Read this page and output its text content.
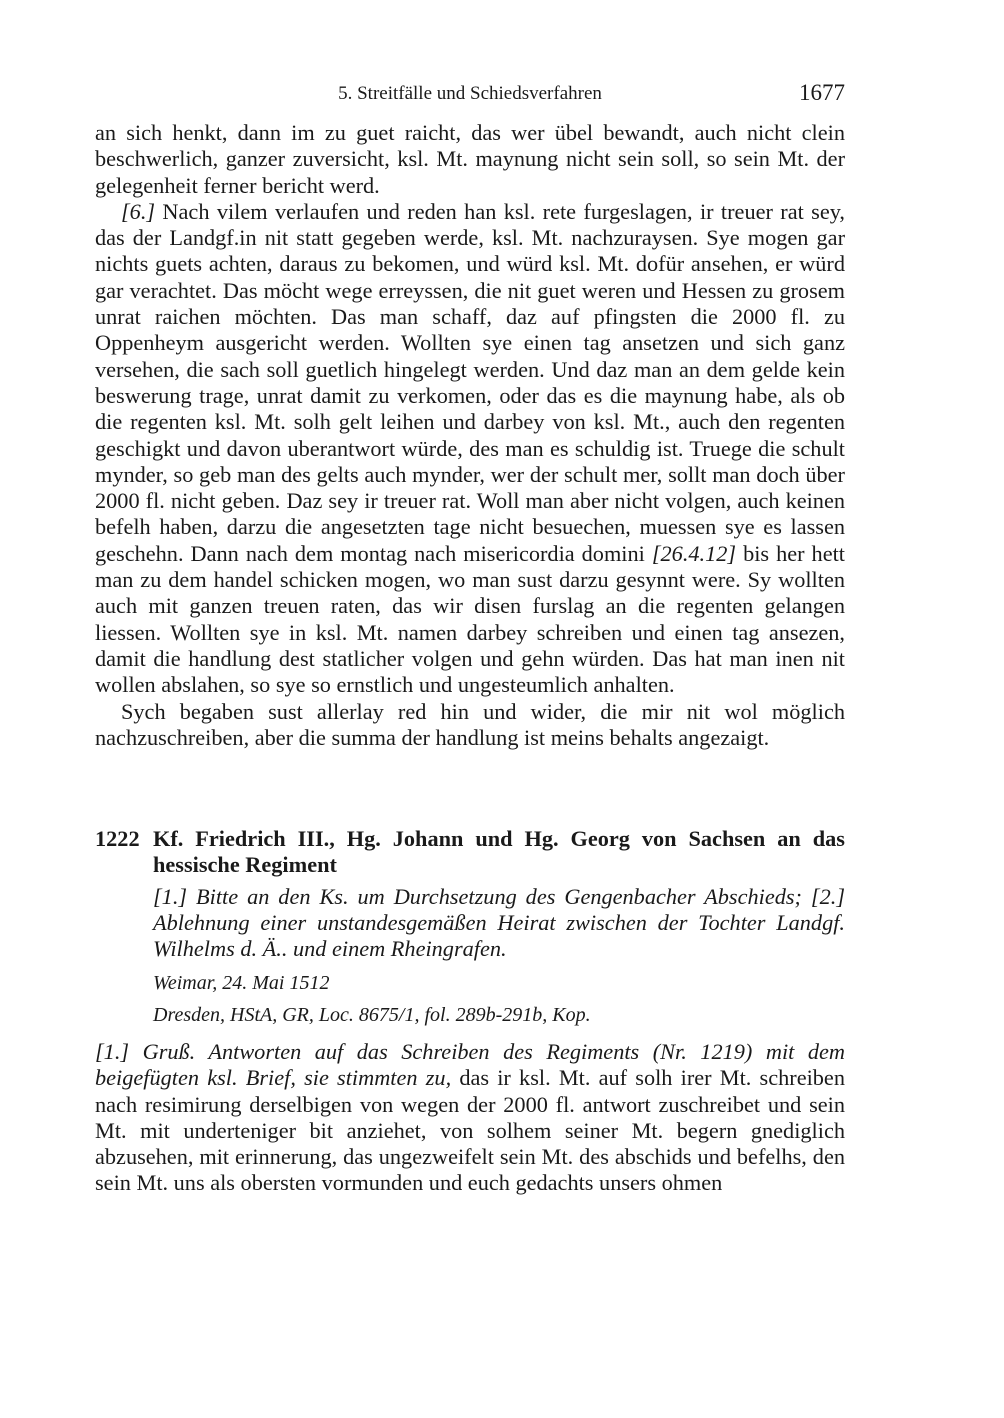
5. Streitfälle und Schiedsverfahren	1677

an sich henkt, dann im zu guet raicht, das wer übel bewandt, auch nicht clein beschwerlich, ganzer zuversicht, ksl. Mt. maynung nicht sein soll, so sein Mt. der gelegenheit ferner bericht werd.

[6.] Nach vilem verlaufen und reden han ksl. rete furgeslagen, ir treuer rat sey, das der Landgf.in nit statt gegeben werde, ksl. Mt. nachzuraysen. Sye mogen gar nichts guets achten, daraus zu bekomen, und würd ksl. Mt. dofür ansehen, er würd gar verachtet. Das möcht wege erreyssen, die nit guet weren und Hessen zu grosem unrat raichen möchten. Das man schaff, daz auf pfingsten die 2000 fl. zu Oppenheym ausgericht werden. Wollten sye einen tag ansetzen und sich ganz versehen, die sach soll guetlich hingelegt werden. Und daz man an dem gelde kein beswerung trage, unrat damit zu verkomen, oder das es die maynung habe, als ob die regenten ksl. Mt. solh gelt leihen und darbey von ksl. Mt., auch den regenten geschigkt und davon uberantwort würde, des man es schuldig ist. Truege die schult mynder, so geb man des gelts auch mynder, wer der schult mer, sollt man doch über 2000 fl. nicht geben. Daz sey ir treuer rat. Woll man aber nicht volgen, auch keinen befelh haben, darzu die angesetzten tage nicht besuechen, muessen sye es lassen geschehn. Dann nach dem montag nach misericordia domini [26.4.12] bis her hett man zu dem handel schicken mogen, wo man sust darzu gesynnt were. Sy wollten auch mit ganzen treuen raten, das wir disen furslag an die regenten gelangen liessen. Wollten sye in ksl. Mt. namen darbey schreiben und einen tag ansezen, damit die handlung dest statlicher volgen und gehn würden. Das hat man inen nit wollen abslahen, so sye so ernstlich und ungesteumlich anhalten.

Sych begaben sust allerlay red hin und wider, die mir nit wol möglich nachzuschreiben, aber die summa der handlung ist meins behalts angezaigt.

1222 Kf. Friedrich III., Hg. Johann und Hg. Georg von Sachsen an das hessische Regiment
[1.] Bitte an den Ks. um Durchsetzung des Gengenbacher Abschieds; [2.] Ablehnung einer unstandesgemäßen Heirat zwischen der Tochter Landgf. Wilhelms d. Ä.. und einem Rheingrafen.
Weimar, 24. Mai 1512
Dresden, HStA, GR, Loc. 8675/1, fol. 289b-291b, Kop.

[1.] Gruß. Antworten auf das Schreiben des Regiments (Nr. 1219) mit dem beigefügten ksl. Brief, sie stimmten zu, das ir ksl. Mt. auf solh irer Mt. schreiben nach resimirung derselbigen von wegen der 2000 fl. antwort zuschreibet und sein Mt. mit underteniger bit anziehet, von solhem seiner Mt. begern gnediglich abzusehen, mit erinnerung, das ungezweifelt sein Mt. des abschids und befelhs, den sein Mt. uns als obersten vormunden und euch gedachts unsers ohmen
